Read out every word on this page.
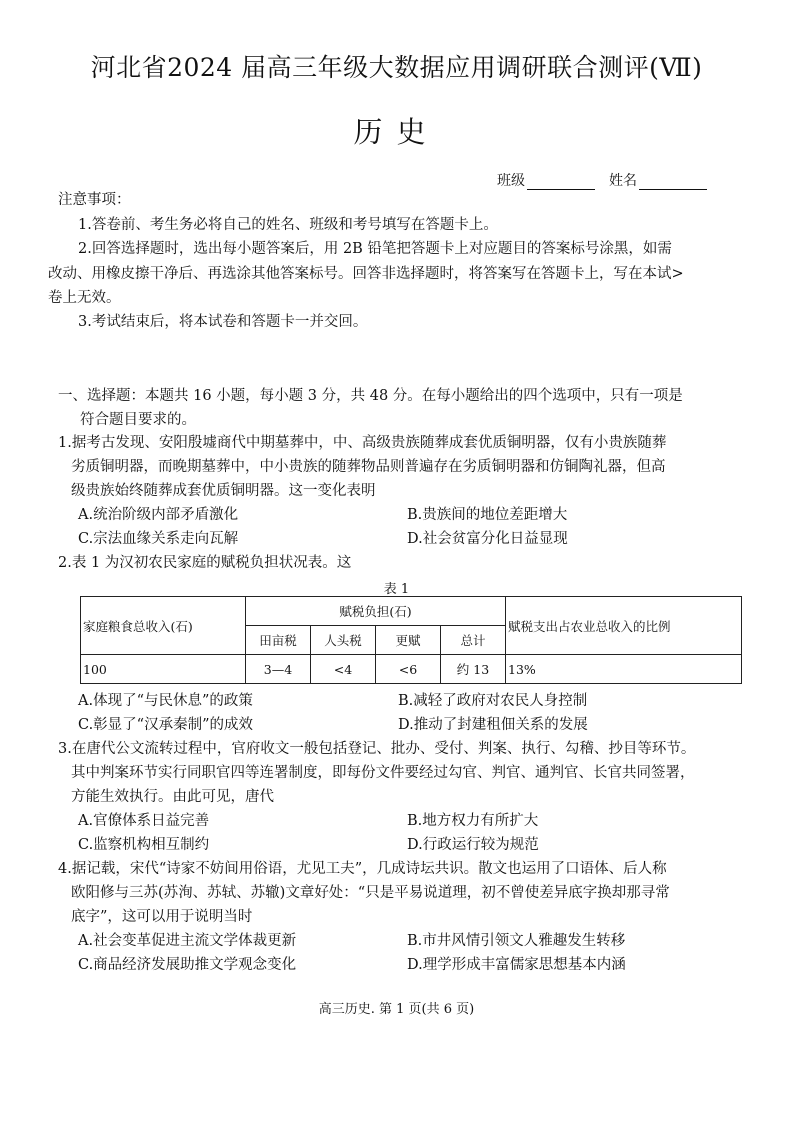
河北省2024 届高三年级大数据应用调研联合测评(Ⅶ)
历史
班级	姓名
注意事项：
1.答卷前、考生务必将自己的姓名、班级和考号填写在答题卡上。
2.回答选择题时，选出每小题答案后，用 2B 铅笔把答题卡上对应题目的答案标号涂黑，如需
改动、用橡皮擦干净后、再选涂其他答案标号。回答非选择题时，将答案写在答题卡上，写在本试>
卷上无效。
3.考试结束后，将本试卷和答题卡一并交回。
一、选择题：本题共 16 小题，每小题 3 分，共 48 分。在每小题给出的四个选项中，只有一项是
符合题目要求的。
1.据考古发现、安阳殷墟商代中期墓葬中，中、高级贵族随葬成套优质铜明器，仅有小贵族随葬
劣质铜明器，而晚期墓葬中，中小贵族的随葬物品则普遍存在劣质铜明器和仿铜陶礼器，但高
级贵族始终随葬成套优质铜明器。这一变化表明
A.统治阶级内部矛盾激化	B.贵族间的地位差距增大
C.宗法血缘关系走向瓦解	D.社会贫富分化日益显现
2.表 1 为汉初农民家庭的赋税负担状况表。这
表 1
家庭粮食总收入(石)	赋税负担(石)				赋税支出占农业总收入的比例
	田亩税	人头税	更赋	总计	
100	3—4	<4	<6	约 13	13%
A.体现了“与民休息”的政策	B.减轻了政府对农民人身控制
C.彰显了“汉承秦制”的成效	D.推动了封建租佃关系的发展
3.在唐代公文流转过程中，官府收文一般包括登记、批办、受付、判案、执行、勾稽、抄目等环节。
其中判案环节实行同职官四等连署制度，即每份文件要经过勾官、判官、通判官、长官共同签署，
方能生效执行。由此可见，唐代
A.官僚体系日益完善	B.地方权力有所扩大
C.监察机构相互制约	D.行政运行较为规范
4.据记载，宋代“诗家不妨间用俗语，尤见工夫”，几成诗坛共识。散文也运用了口语体、后人称
欧阳修与三苏(苏洵、苏轼、苏辙)文章好处：“只是平易说道理，初不曾使差异底字换却那寻常
底字”，这可以用于说明当时
A.社会变革促进主流文学体裁更新	B.市井风情引领文人雅趣发生转移
C.商品经济发展助推文学观念变化	D.理学形成丰富儒家思想基本内涵
高三历史. 第 1 页(共 6 页)
